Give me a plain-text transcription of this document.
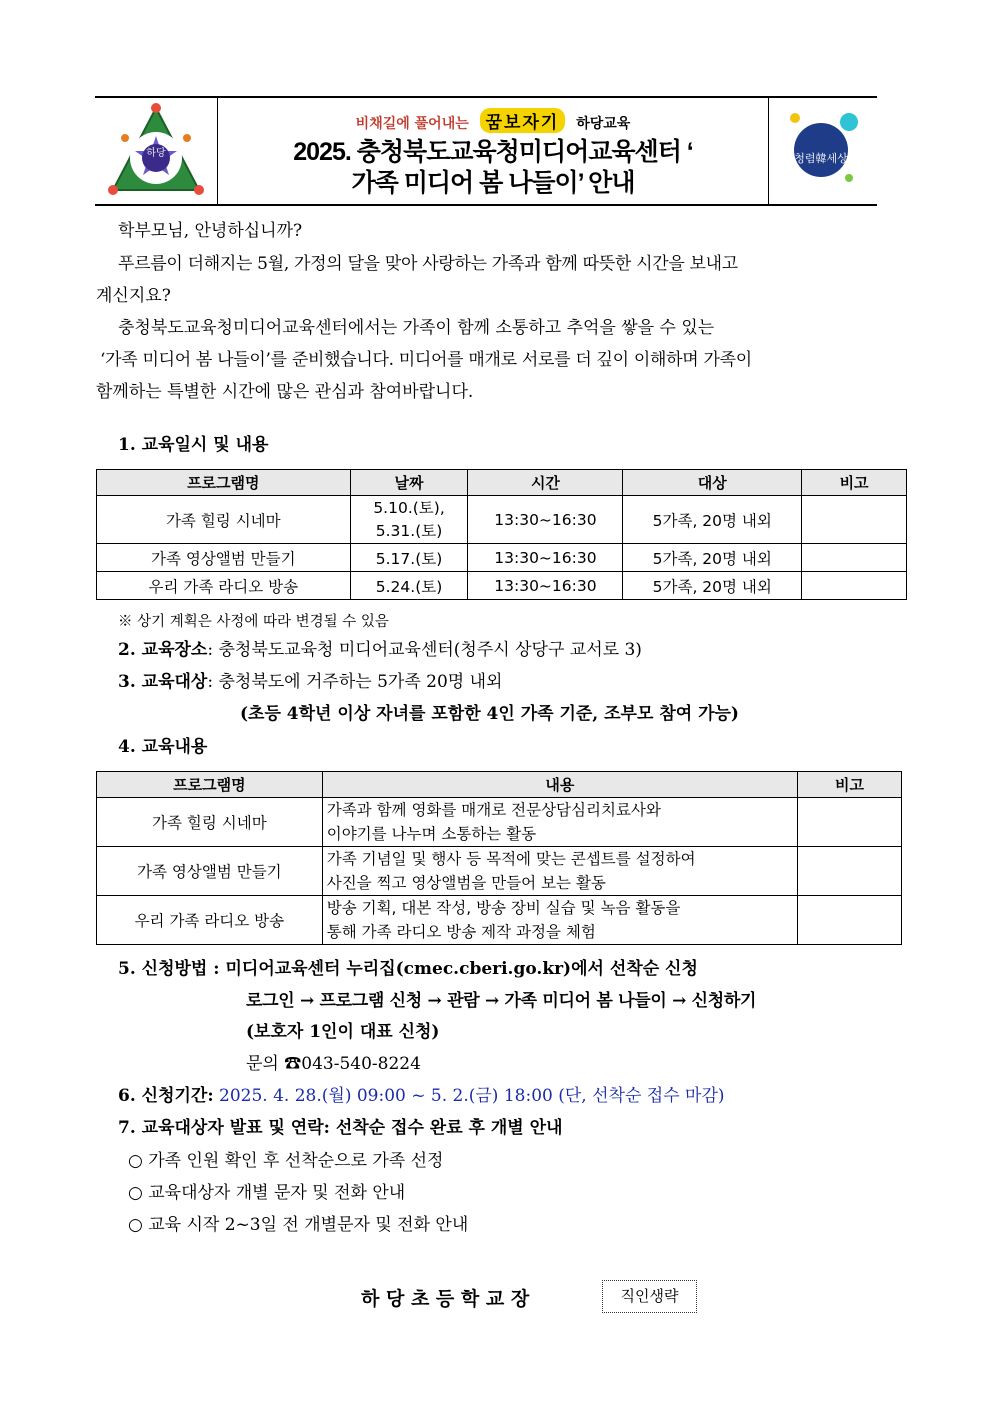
하당
비채길에 풀어내는 꿈보자기 하당교육
2025. 충청북도교육청미디어교육센터 ‘
가족 미디어 봄 나들이’ 안내
청렴韓세상
학부모님, 안녕하십니까?
푸르름이 더해지는 5월, 가정의 달을 맞아 사랑하는 가족과 함께 따뜻한 시간을 보내고
계신지요?
충청북도교육청미디어교육센터에서는 가족이 함께 소통하고 추억을 쌓을 수 있는
‘가족 미디어 봄 나들이’를 준비했습니다. 미디어를 매개로 서로를 더 깊이 이해하며 가족이
함께하는 특별한 시간에 많은 관심과 참여바랍니다.
1. 교육일시 및 내용
프로그램명	날짜	시간	대상	비고
가족 힐링 시네마	5.10.(토),
5.31.(토)	13:30~16:30	5가족, 20명 내외	
가족 영상앨범 만들기	5.17.(토)	13:30~16:30	5가족, 20명 내외	
우리 가족 라디오 방송	5.24.(토)	13:30~16:30	5가족, 20명 내외	
※ 상기 계획은 사정에 따라 변경될 수 있음
2. 교육장소: 충청북도교육청 미디어교육센터(청주시 상당구 교서로 3)
3. 교육대상: 충청북도에 거주하는 5가족 20명 내외
(초등 4학년 이상 자녀를 포함한 4인 가족 기준, 조부모 참여 가능)
4. 교육내용
프로그램명	내용	비고
가족 힐링 시네마	가족과 함께 영화를 매개로 전문상담심리치료사와
이야기를 나누며 소통하는 활동	
가족 영상앨범 만들기	가족 기념일 및 행사 등 목적에 맞는 콘셉트를 설정하여
사진을 찍고 영상앨범을 만들어 보는 활동	
우리 가족 라디오 방송	방송 기획, 대본 작성, 방송 장비 실습 및 녹음 활동을
통해 가족 라디오 방송 제작 과정을 체험	
5. 신청방법 : 미디어교육센터 누리집(cmec.cberi.go.kr)에서 선착순 신청
로그인 → 프로그램 신청 → 관람 → 가족 미디어 봄 나들이 → 신청하기
(보호자 1인이 대표 신청)
문의 ☎043-540-8224
6. 신청기간: 2025. 4. 28.(월) 09:00 ~ 5. 2.(금) 18:00 (단, 선착순 접수 마감)
7. 교육대상자 발표 및 연락: 선착순 접수 완료 후 개별 안내
○ 가족 인원 확인 후 선착순으로 가족 선정
○ 교육대상자 개별 문자 및 전화 안내
○ 교육 시작 2~3일 전 개별문자 및 전화 안내
하 당 초 등 학 교 장	직인생략
